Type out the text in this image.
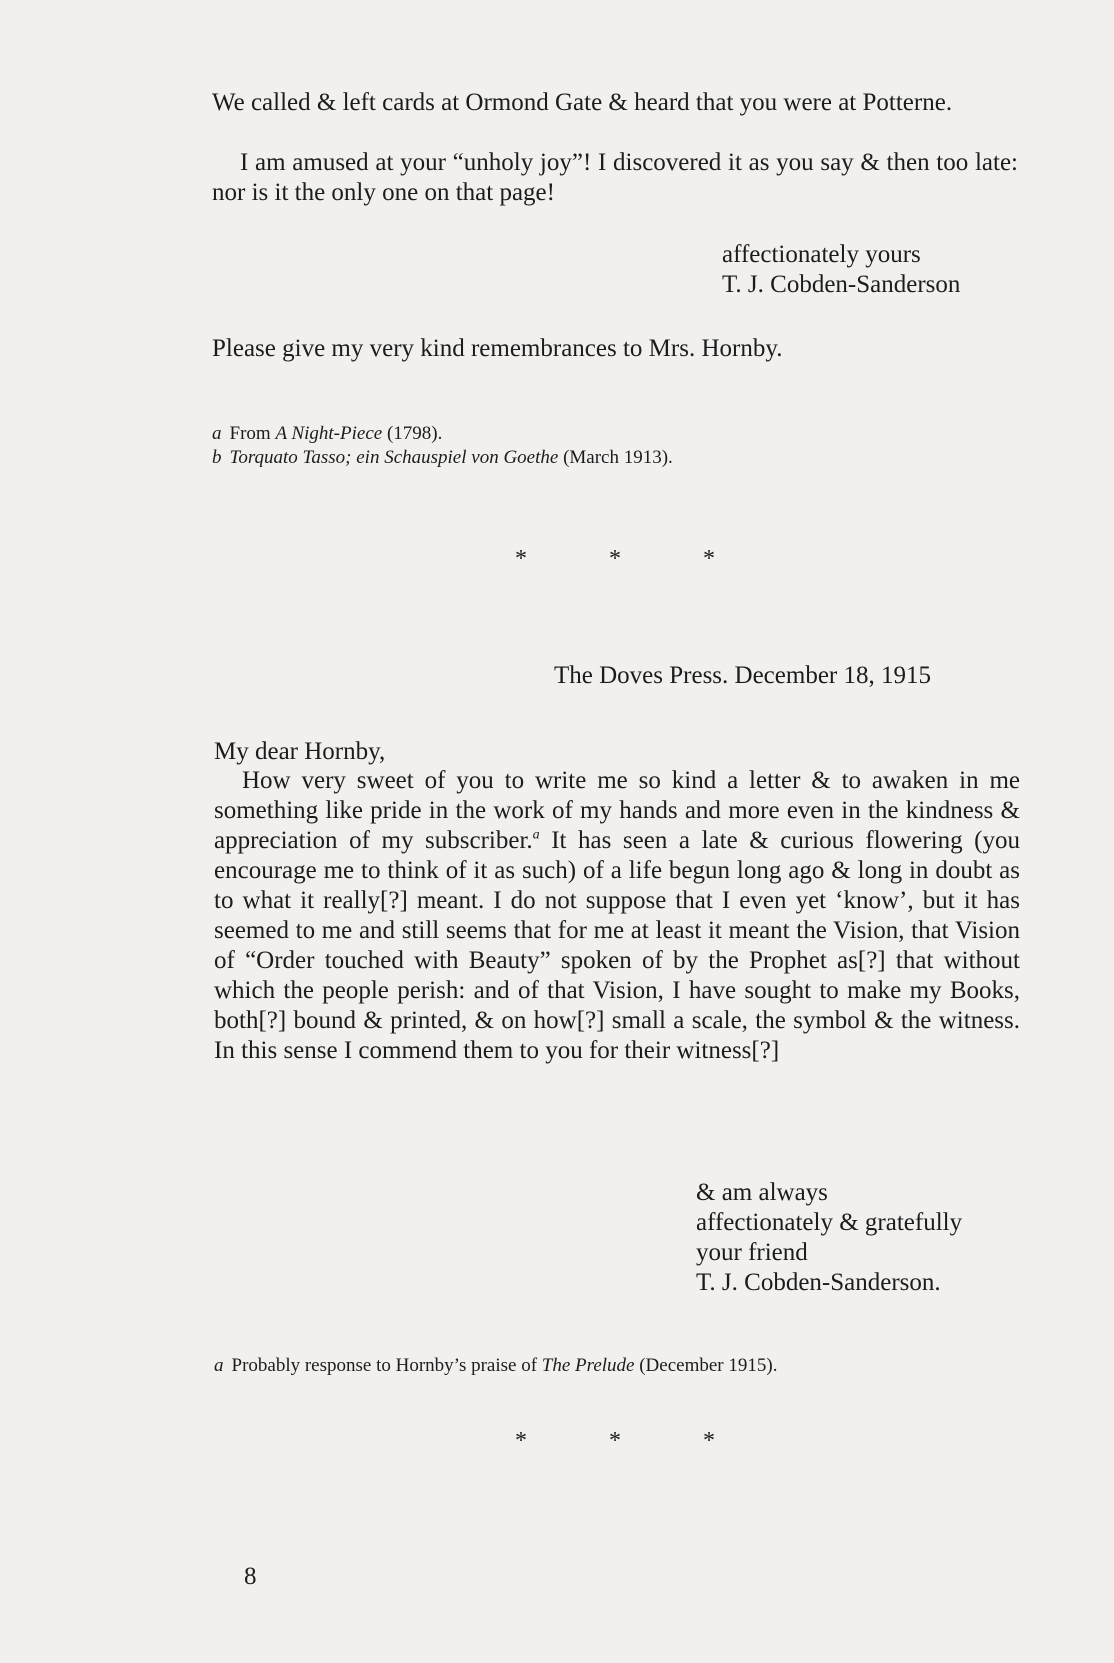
We called & left cards at Ormond Gate & heard that you were at Potterne.
I am amused at your “unholy joy”! I discovered it as you say & then too late: nor is it the only one on that page!
affectionately yours
T. J. Cobden-Sanderson
Please give my very kind remembrances to Mrs. Hornby.
a From A Night-Piece (1798).
b Torquato Tasso; ein Schauspiel von Goethe (March 1913).
*	*	*
The Doves Press. December 18, 1915
My dear Hornby,
How very sweet of you to write me so kind a letter & to awaken in me something like pride in the work of my hands and more even in the kindness & appreciation of my subscriber.$^a$ It has seen a late & curious flowering (you encourage me to think of it as such) of a life begun long ago & long in doubt as to what it really[?] meant. I do not suppose that I even yet ‘know’, but it has seemed to me and still seems that for me at least it meant the Vision, that Vision of “Order touched with Beauty” spoken of by the Prophet as[?] that without which the people perish: and of that Vision, I have sought to make my Books, both[?] bound & printed, & on how[?] small a scale, the symbol & the witness. In this sense I commend them to you for their witness[?]
& am always
affectionately & gratefully
your friend
T. J. Cobden-Sanderson.
a Probably response to Hornby’s praise of The Prelude (December 1915).
*	*	*
8
